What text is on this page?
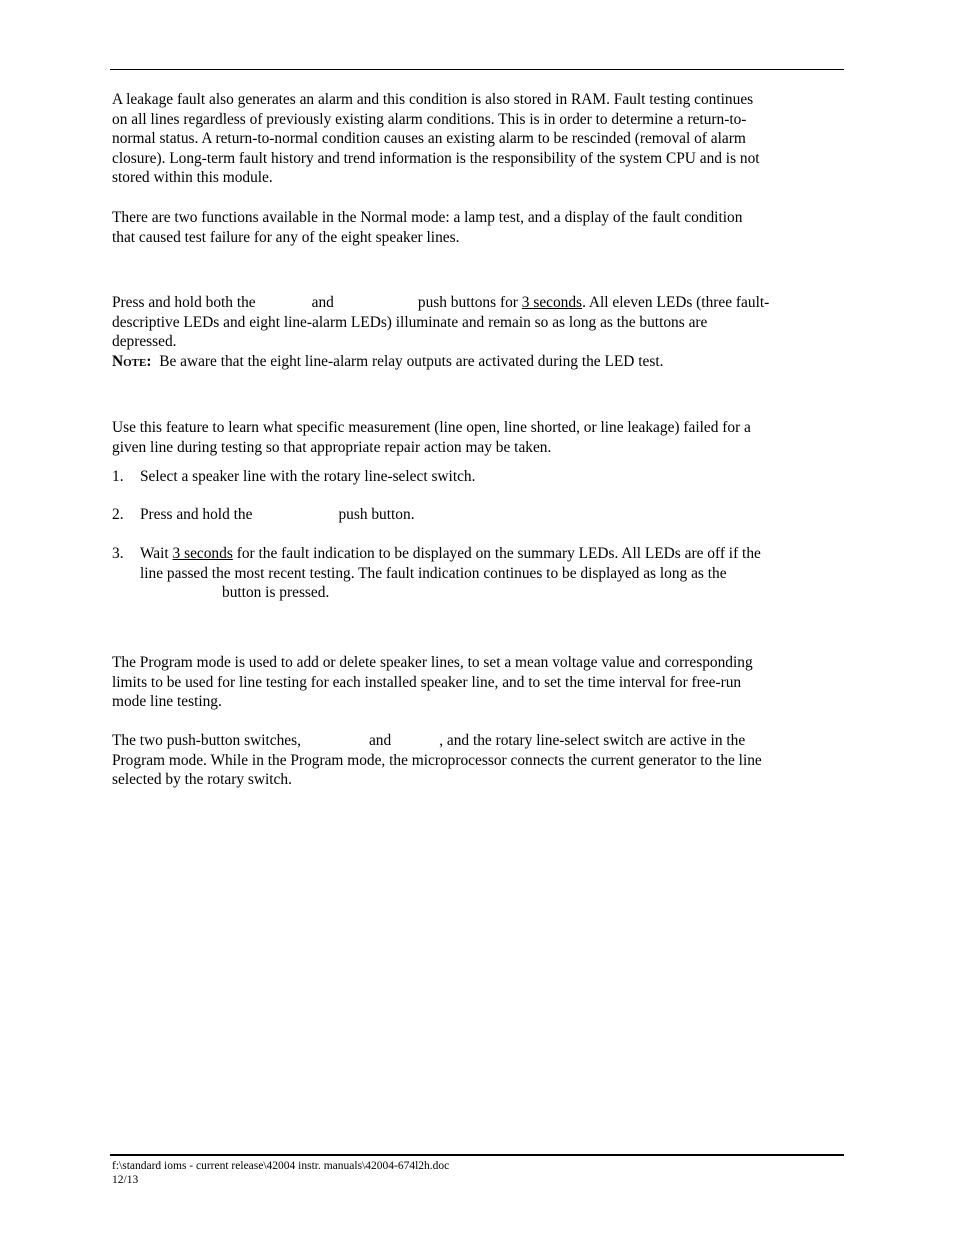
A leakage fault also generates an alarm and this condition is also stored in RAM. Fault testing continues
on all lines regardless of previously existing alarm conditions. This is in order to determine a return-to-
normal status. A return-to-normal condition causes an existing alarm to be rescinded (removal of alarm
closure). Long-term fault history and trend information is the responsibility of the system CPU and is not
stored within this module.
There are two functions available in the Normal mode: a lamp test, and a display of the fault condition
that caused test failure for any of the eight speaker lines.
Press and hold both the	and	push buttons for 3 seconds. All eleven LEDs (three fault-
descriptive LEDs and eight line-alarm LEDs) illuminate and remain so as long as the buttons are
depressed.
Note: Be aware that the eight line-alarm relay outputs are activated during the LED test.
Use this feature to learn what specific measurement (line open, line shorted, or line leakage) failed for a
given line during testing so that appropriate repair action may be taken.
1. Select a speaker line with the rotary line-select switch.
2. Press and hold the	push button.
3. Wait 3 seconds for the fault indication to be displayed on the summary LEDs. All LEDs are off if the
line passed the most recent testing. The fault indication continues to be displayed as long as the
button is pressed.
The Program mode is used to add or delete speaker lines, to set a mean voltage value and corresponding
limits to be used for line testing for each installed speaker line, and to set the time interval for free-run
mode line testing.
The two push-button switches,	and	, and the rotary line-select switch are active in the
Program mode. While in the Program mode, the microprocessor connects the current generator to the line
selected by the rotary switch.
f:\standard ioms - current release\42004 instr. manuals\42004-674l2h.doc
12/13
